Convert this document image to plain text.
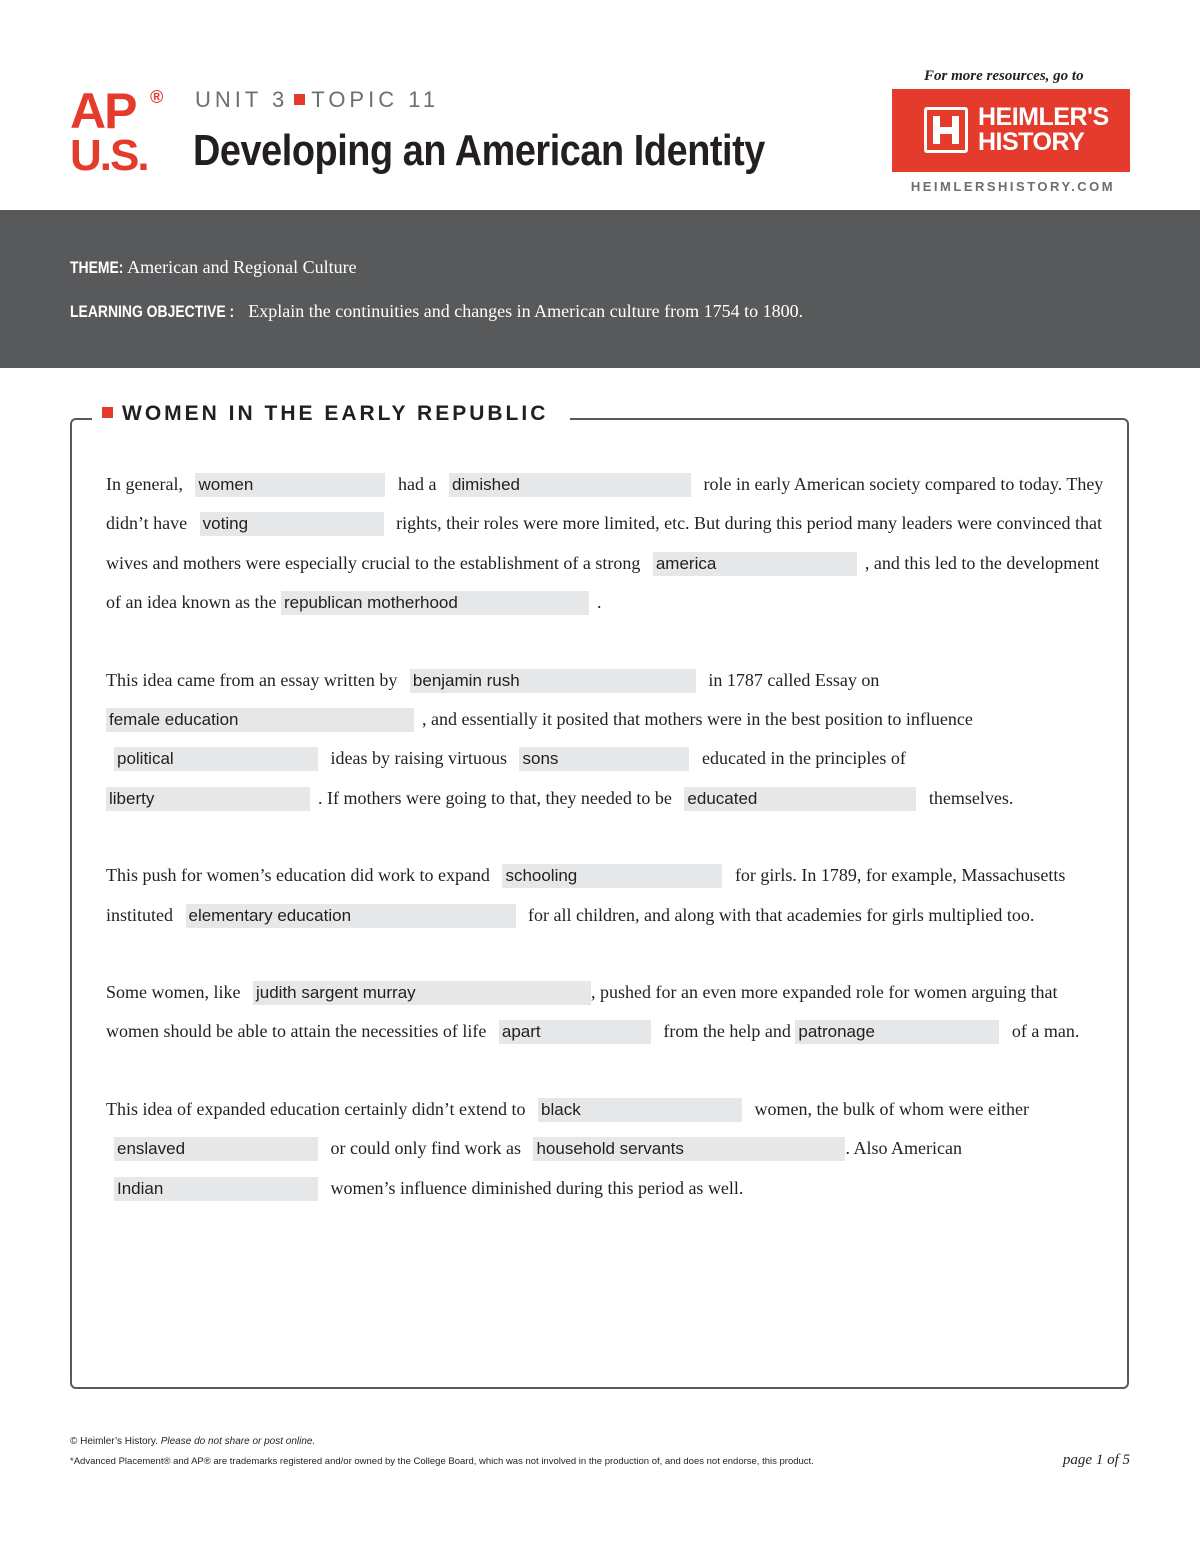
AP ®
U.S.
UNIT 3 TOPIC 11
Developing an American Identity
For more resources, go to
HEIMLER'S
HISTORY
HEIMLERSHISTORY.COM
THEME: American and Regional Culture
LEARNING OBJECTIVE : Explain the continuities and changes in American culture from 1754 to 1800.
WOMEN IN THE EARLY REPUBLIC

In general, women	had a dimished	role in early American society compared to today. They didn’t have voting	rights, their roles were more limited, etc. But during this period many leaders were convinced that wives and mothers were especially crucial to the establishment of a strong america	, and this led to the development of an idea known as the republican motherhood	.

This idea came from an essay written by benjamin rush	in 1787 called Essay on female education	, and essentially it posited that mothers were in the best position to influence political	ideas by raising virtuous sons	educated in the principles of liberty	. If mothers were going to that, they needed to be educated	themselves.

This push for women’s education did work to expand schooling	for girls. In 1789, for example, Massachusetts instituted elementary education	for all children, and along with that academies for girls multiplied too.

Some women, like judith sargent murray	, pushed for an even more expanded role for women arguing that women should be able to attain the necessities of life apart	from the help and patronage	of a man.

This idea of expanded education certainly didn’t extend to black	women, the bulk of whom were either enslaved	or could only find work as household servants	. Also American Indian	women’s influence diminished during this period as well.

© Heimler’s History. Please do not share or post online.
*Advanced Placement® and AP® are trademarks registered and/or owned by the College Board, which was not involved in the production of, and does not endorse, this product.	page 1 of 5
